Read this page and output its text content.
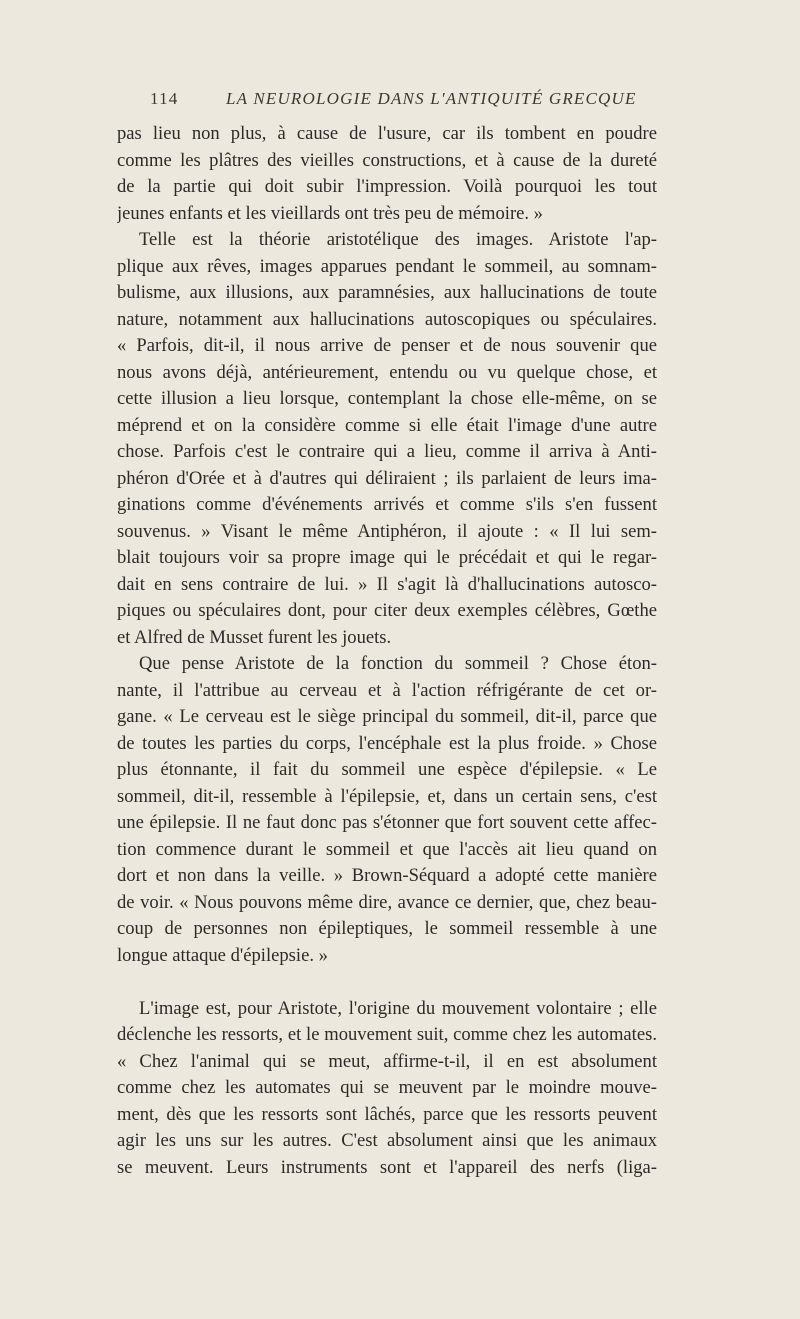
114	LA NEUROLOGIE DANS L'ANTIQUITÉ GRECQUE
pas lieu non plus, à cause de l'usure, car ils tombent en poudre
comme les plâtres des vieilles constructions, et à cause de la dureté
de la partie qui doit subir l'impression. Voilà pourquoi les tout
jeunes enfants et les vieillards ont très peu de mémoire. »
Telle est la théorie aristotélique des images. Aristote l'ap-
plique aux rêves, images apparues pendant le sommeil, au somnam-
bulisme, aux illusions, aux paramnésies, aux hallucinations de toute
nature, notamment aux hallucinations autoscopiques ou spéculaires.
« Parfois, dit-il, il nous arrive de penser et de nous souvenir que
nous avons déjà, antérieurement, entendu ou vu quelque chose, et
cette illusion a lieu lorsque, contemplant la chose elle-même, on se
méprend et on la considère comme si elle était l'image d'une autre
chose. Parfois c'est le contraire qui a lieu, comme il arriva à Anti-
phéron d'Orée et à d'autres qui déliraient ; ils parlaient de leurs ima-
ginations comme d'événements arrivés et comme s'ils s'en fussent
souvenus. » Visant le même Antiphéron, il ajoute : « Il lui sem-
blait toujours voir sa propre image qui le précédait et qui le regar-
dait en sens contraire de lui. » Il s'agit là d'hallucinations autosco-
piques ou spéculaires dont, pour citer deux exemples célèbres, Gœthe
et Alfred de Musset furent les jouets.
Que pense Aristote de la fonction du sommeil ? Chose éton-
nante, il l'attribue au cerveau et à l'action réfrigérante de cet or-
gane. « Le cerveau est le siège principal du sommeil, dit-il, parce que
de toutes les parties du corps, l'encéphale est la plus froide. » Chose
plus étonnante, il fait du sommeil une espèce d'épilepsie. « Le
sommeil, dit-il, ressemble à l'épilepsie, et, dans un certain sens, c'est
une épilepsie. Il ne faut donc pas s'étonner que fort souvent cette affec-
tion commence durant le sommeil et que l'accès ait lieu quand on
dort et non dans la veille. » Brown-Séquard a adopté cette manière
de voir. « Nous pouvons même dire, avance ce dernier, que, chez beau-
coup de personnes non épileptiques, le sommeil ressemble à une
longue attaque d'épilepsie. »
L'image est, pour Aristote, l'origine du mouvement volontaire ; elle
déclenche les ressorts, et le mouvement suit, comme chez les automates.
« Chez l'animal qui se meut, affirme-t-il, il en est absolument
comme chez les automates qui se meuvent par le moindre mouve-
ment, dès que les ressorts sont lâchés, parce que les ressorts peuvent
agir les uns sur les autres. C'est absolument ainsi que les animaux
se meuvent. Leurs instruments sont et l'appareil des nerfs (liga-
